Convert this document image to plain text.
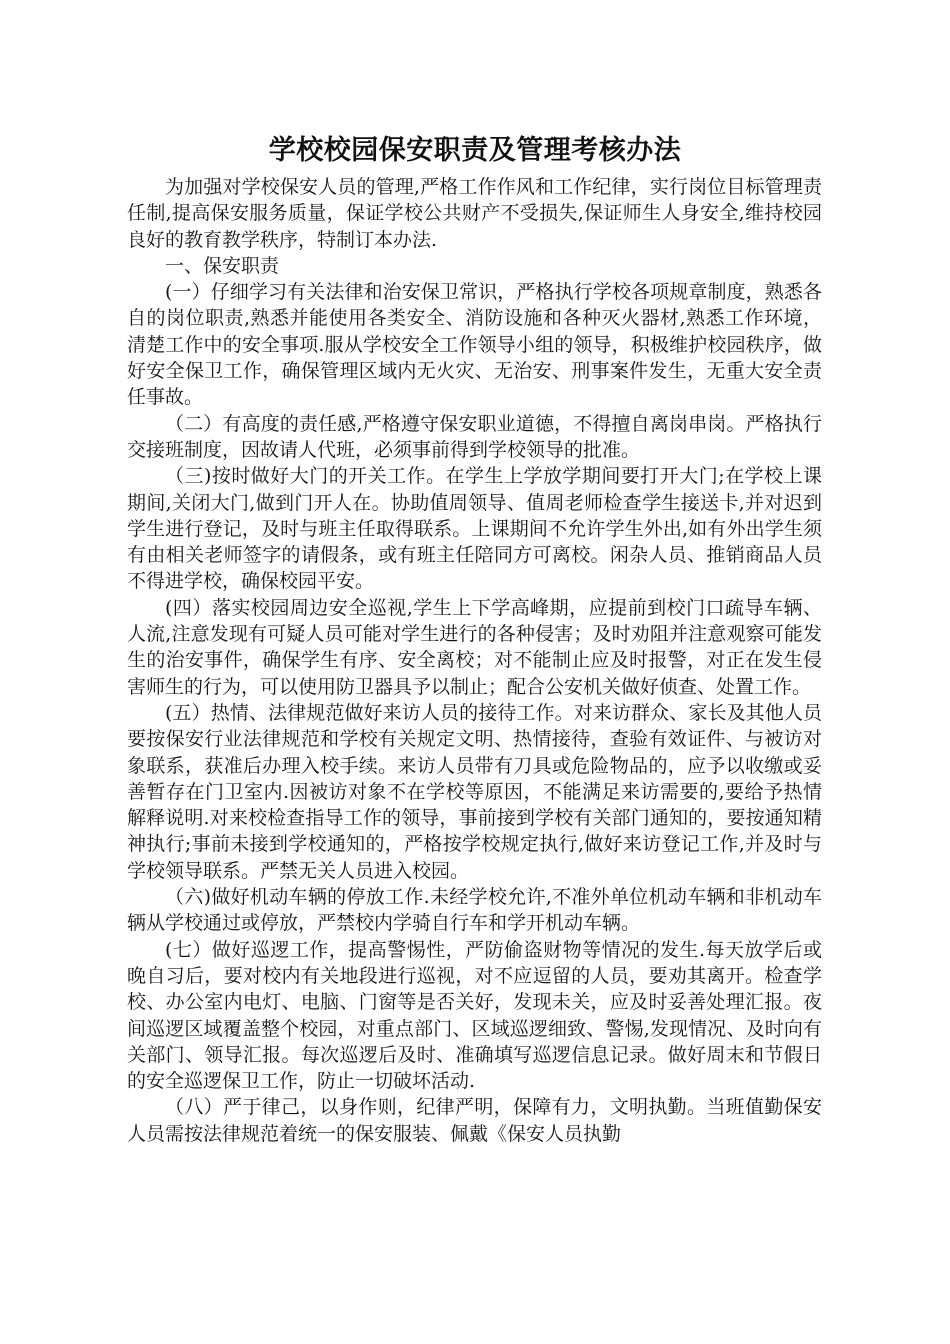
学校校园保安职责及管理考核办法

为加强对学校保安人员的管理,严格工作作风和工作纪律，实行岗位目标管理责任制,提高保安服务质量，保证学校公共财产不受损失,保证师生人身安全,维持校园良好的教育教学秩序，特制订本办法.

一、保安职责

(一）仔细学习有关法律和治安保卫常识，严格执行学校各项规章制度，熟悉各自的岗位职责,熟悉并能使用各类安全、消防设施和各种灭火器材,熟悉工作环境，清楚工作中的安全事项.服从学校安全工作领导小组的领导，积极维护校园秩序，做好安全保卫工作，确保管理区域内无火灾、无治安、刑事案件发生，无重大安全责任事故。

（二）有高度的责任感,严格遵守保安职业道德，不得擅自离岗串岗。严格执行交接班制度，因故请人代班，必须事前得到学校领导的批准。

（三)按时做好大门的开关工作。在学生上学放学期间要打开大门;在学校上课期间,关闭大门,做到门开人在。协助值周领导、值周老师检查学生接送卡,并对迟到学生进行登记，及时与班主任取得联系。上课期间不允许学生外出,如有外出学生须有由相关老师签字的请假条，或有班主任陪同方可离校。闲杂人员、推销商品人员不得进学校，确保校园平安。

(四）落实校园周边安全巡视,学生上下学高峰期，应提前到校门口疏导车辆、人流,注意发现有可疑人员可能对学生进行的各种侵害；及时劝阻并注意观察可能发生的治安事件，确保学生有序、安全离校；对不能制止应及时报警，对正在发生侵害师生的行为，可以使用防卫器具予以制止；配合公安机关做好侦查、处置工作。

(五）热情、法律规范做好来访人员的接待工作。对来访群众、家长及其他人员要按保安行业法律规范和学校有关规定文明、热情接待，查验有效证件、与被访对象联系，获准后办理入校手续。来访人员带有刀具或危险物品的，应予以收缴或妥善暂存在门卫室内.因被访对象不在学校等原因，不能满足来访需要的,要给予热情解释说明.对来校检查指导工作的领导，事前接到学校有关部门通知的，要按通知精神执行;事前未接到学校通知的，严格按学校规定执行,做好来访登记工作,并及时与学校领导联系。严禁无关人员进入校园。

（六)做好机动车辆的停放工作.未经学校允许,不准外单位机动车辆和非机动车辆从学校通过或停放，严禁校内学骑自行车和学开机动车辆。

(七）做好巡逻工作，提高警惕性，严防偷盗财物等情况的发生.每天放学后或晚自习后，要对校内有关地段进行巡视，对不应逗留的人员，要劝其离开。检查学校、办公室内电灯、电脑、门窗等是否关好，发现未关，应及时妥善处理汇报。夜间巡逻区域覆盖整个校园，对重点部门、区域巡逻细致、警惕,发现情况、及时向有关部门、领导汇报。每次巡逻后及时、准确填写巡逻信息记录。做好周末和节假日的安全巡逻保卫工作，防止一切破坏活动.

（八）严于律己，以身作则，纪律严明，保障有力，文明执勤。当班值勤保安人员需按法律规范着统一的保安服装、佩戴《保安人员执勤
